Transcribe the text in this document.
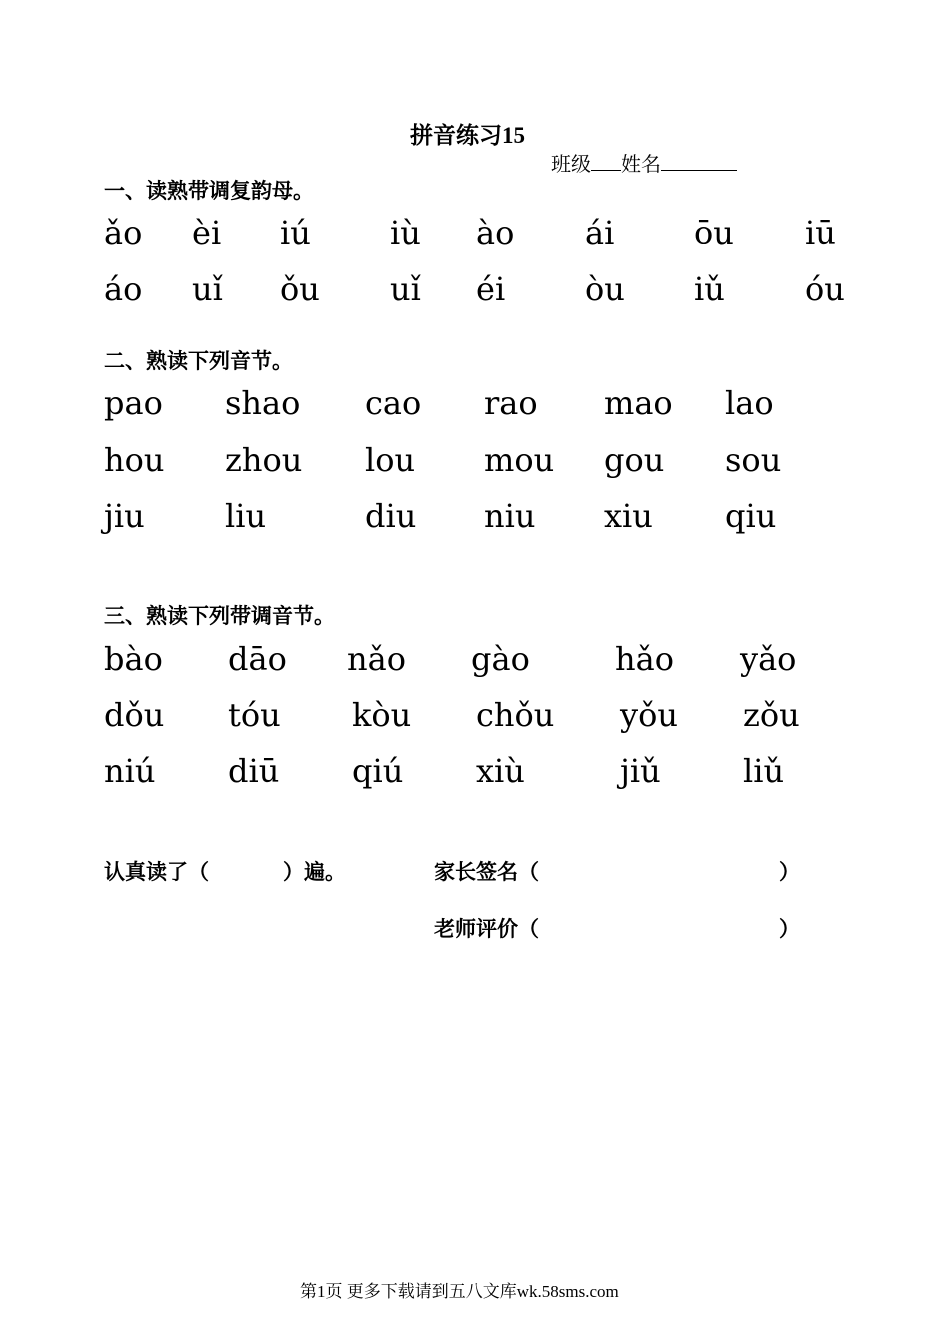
拼音练习15
班级 姓名
一、读熟带调复韵母。
ǎo èi iú iù ào ái ōu iū
áo uǐ ǒu uǐ éi òu iǔ	óu
二、熟读下列音节。
pao shao cao rao mao lao
hou zhou lou mou gou sou
jiu	liu	diu niu xiu qiu
三、熟读下列带调音节。
bào dāo nǎo gào	hǎo yǎo
dǒu tóu kòu chǒu yǒu zǒu
niú diū qiú xiù	jiǔ	liǔ
认真读了（	）遍。	家长签名（	）
老师评价（	）
第1页 更多下载请到五八文库wk.58sms.com
